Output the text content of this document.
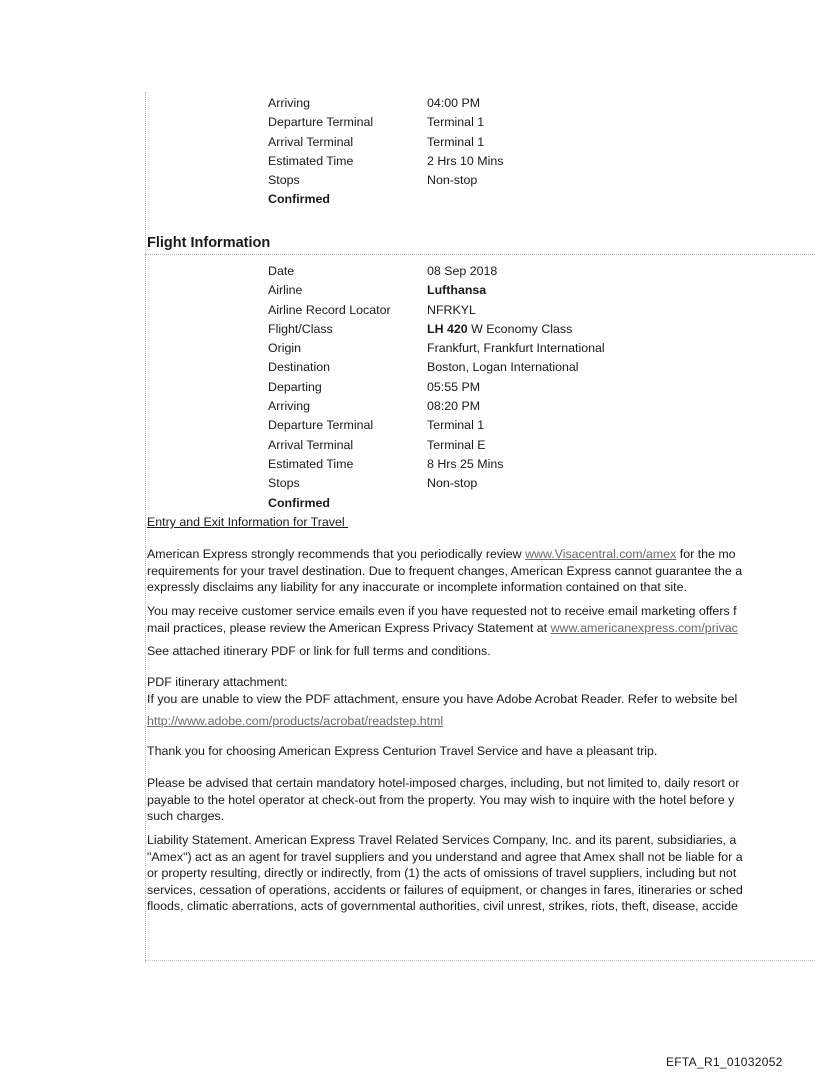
Arriving	04:00 PM
Departure Terminal	Terminal 1
Arrival Terminal	Terminal 1
Estimated Time	2 Hrs 10 Mins
Stops	Non-stop
Confirmed
Flight Information
Date	08 Sep 2018
Airline	Lufthansa
Airline Record Locator	NFRKYL
Flight/Class	LH 420 W Economy Class
Origin	Frankfurt, Frankfurt International
Destination	Boston, Logan International
Departing	05:55 PM
Arriving	08:20 PM
Departure Terminal	Terminal 1
Arrival Terminal	Terminal E
Estimated Time	8 Hrs 25 Mins
Stops	Non-stop
Confirmed
Entry and Exit Information for Travel
American Express strongly recommends that you periodically review www.Visacentral.com/amex for the mo
requirements for your travel destination. Due to frequent changes, American Express cannot guarantee the a
expressly disclaims any liability for any inaccurate or incomplete information contained on that site.
You may receive customer service emails even if you have requested not to receive email marketing offers f
mail practices, please review the American Express Privacy Statement at www.americanexpress.com/privac
See attached itinerary PDF or link for full terms and conditions.
PDF itinerary attachment:
If you are unable to view the PDF attachment, ensure you have Adobe Acrobat Reader. Refer to website bel
http://www.adobe.com/products/acrobat/readstep.html
Thank you for choosing American Express Centurion Travel Service and have a pleasant trip.
Please be advised that certain mandatory hotel-imposed charges, including, but not limited to, daily resort or
payable to the hotel operator at check-out from the property. You may wish to inquire with the hotel before y
such charges.
Liability Statement. American Express Travel Related Services Company, Inc. and its parent, subsidiaries, a
"Amex") act as an agent for travel suppliers and you understand and agree that Amex shall not be liable for a
or property resulting, directly or indirectly, from (1) the acts of omissions of travel suppliers, including but not
services, cessation of operations, accidents or failures of equipment, or changes in fares, itineraries or sched
floods, climatic aberrations, acts of governmental authorities, civil unrest, strikes, riots, theft, disease, accide
EFTA_R1_01032052
